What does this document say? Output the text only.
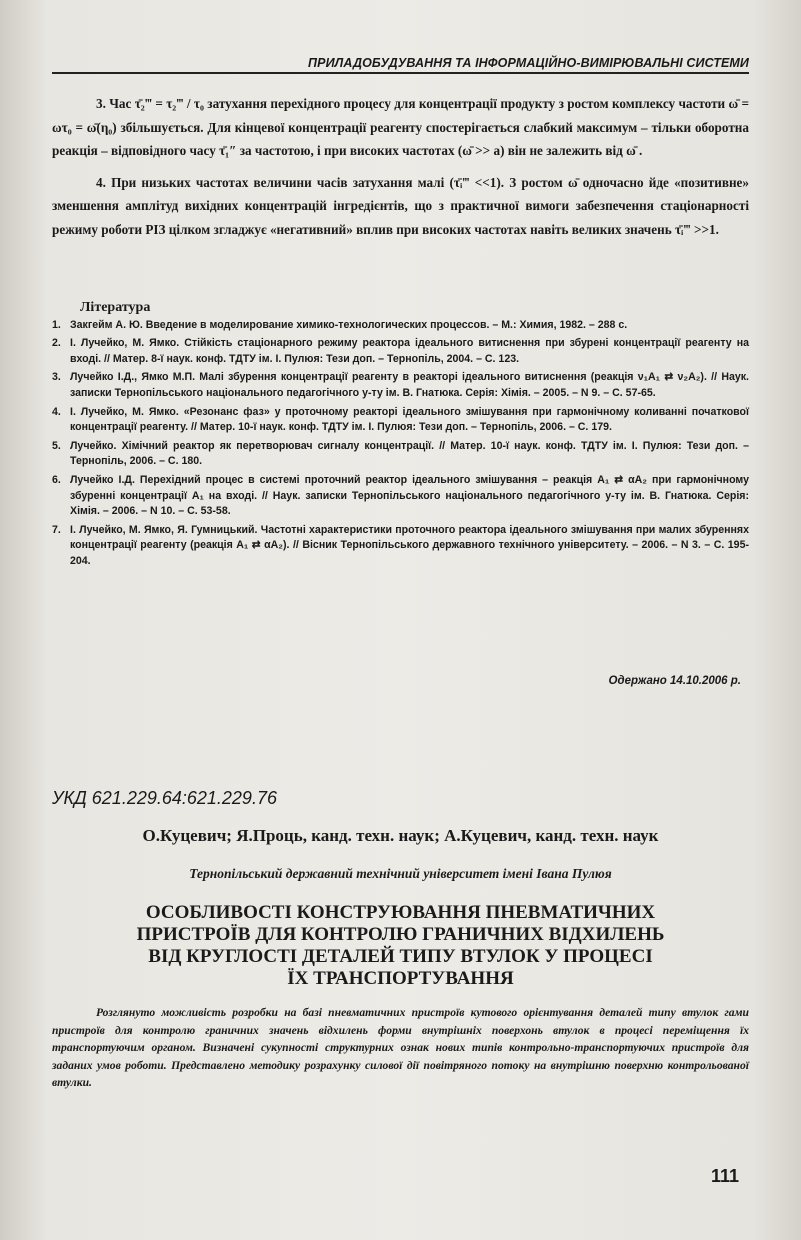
ПРИЛАДОБУДУВАННЯ ТА ІНФОРМАЦІЙНО-ВИМІРЮВАЛЬНІ СИСТЕМИ

3. Час τ̄₂‴ = τ₂‴ / τ₀ затухання перехідного процесу для концентрації продукту з ростом комплексу частоти ω̄ = ωτ₀ = ω̄(η₀) збільшується. Для кінцевої концентрації реагенту спостерігається слабкий максимум – тільки оборотна реакція – відповідного часу τ̄₁″ за частотою, і при високих частотах (ω̄ >> a) він не залежить від ω̄ .

4. При низьких частотах величини часів затухання малі (τ̄ᵢ‴ <<1). З ростом ω̄ одночасно йде «позитивне» зменшення амплітуд вихідних концентрацій інгредієнтів, що з практичної вимоги забезпечення стаціонарності режиму роботи РІЗ цілком згладжує «негативний» вплив при високих частотах навіть великих значень τ̄ᵢ‴ >>1.

Література
1. Закгейм А. Ю. Введение в моделирование химико-технологических процессов. – М.: Химия, 1982. – 288 с.
2. І. Лучейко, М. Ямко. Стійкість стаціонарного режиму реактора ідеального витиснення при збурені концентрації реагенту на вході. // Матер. 8-ї наук. конф. ТДТУ ім. І. Пулюя: Тези доп. – Тернопіль, 2004. – С. 123.
3. Лучейко І.Д., Ямко М.П. Малі збурення концентрації реагенту в реакторі ідеального витиснення (реакція ν₁A₁ ⇄ ν₂A₂). // Наук. записки Тернопільського національного педагогічного у-ту ім. В. Гнатюка. Серія: Хімія. – 2005. – N 9. – С. 57-65.
4. І. Лучейко, М. Ямко. «Резонанс фаз» у проточному реакторі ідеального змішування при гармонічному коливанні початкової концентрації реагенту. // Матер. 10-ї наук. конф. ТДТУ ім. І. Пулюя: Тези доп. – Тернопіль, 2006. – С. 179.
5. Лучейко. Хімічний реактор як перетворювач сигналу концентрації. // Матер. 10-ї наук. конф. ТДТУ ім. І. Пулюя: Тези доп. – Тернопіль, 2006. – С. 180.
6. Лучейко І.Д. Перехідний процес в системі проточний реактор ідеального змішування – реакція A₁ ⇄ αA₂ при гармонічному збуренні концентрації A₁ на вході. // Наук. записки Тернопільського національного педагогічного у-ту ім. В. Гнатюка. Серія: Хімія. – 2006. – N 10. – С. 53-58.
7. І. Лучейко, М. Ямко, Я. Гумницький. Частотні характеристики проточного реактора ідеального змішування при малих збуреннях концентрації реагенту (реакція A₁ ⇄ αA₂). // Вісник Тернопільського державного технічного університету. – 2006. – N 3. – С. 195-204.
Одержано 14.10.2006 р.
УКД 621.229.64:621.229.76
О.Куцевич; Я.Проць, канд. техн. наук; А.Куцевич, канд. техн. наук
Тернопільський державний технічний університет імені Івана Пулюя
ОСОБЛИВОСТІ КОНСТРУЮВАННЯ ПНЕВМАТИЧНИХ
ПРИСТРОЇВ ДЛЯ КОНТРОЛЮ ГРАНИЧНИХ ВІДХИЛЕНЬ
ВІД КРУГЛОСТІ ДЕТАЛЕЙ ТИПУ ВТУЛОК У ПРОЦЕСІ
ЇХ ТРАНСПОРТУВАННЯ
Розглянуто можливість розробки на базі пневматичних пристроїв кутового орієнтування деталей типу втулок гами пристроїв для контролю граничних значень відхилень форми внутрішніх поверхонь втулок в процесі переміщення їх транспортуючим органом. Визначені сукупності структурних ознак нових типів контрольно-транспортуючих пристроїв для заданих умов роботи. Представлено методику розрахунку силової дії повітряного потоку на внутрішню поверхню контрольованої втулки.
111
